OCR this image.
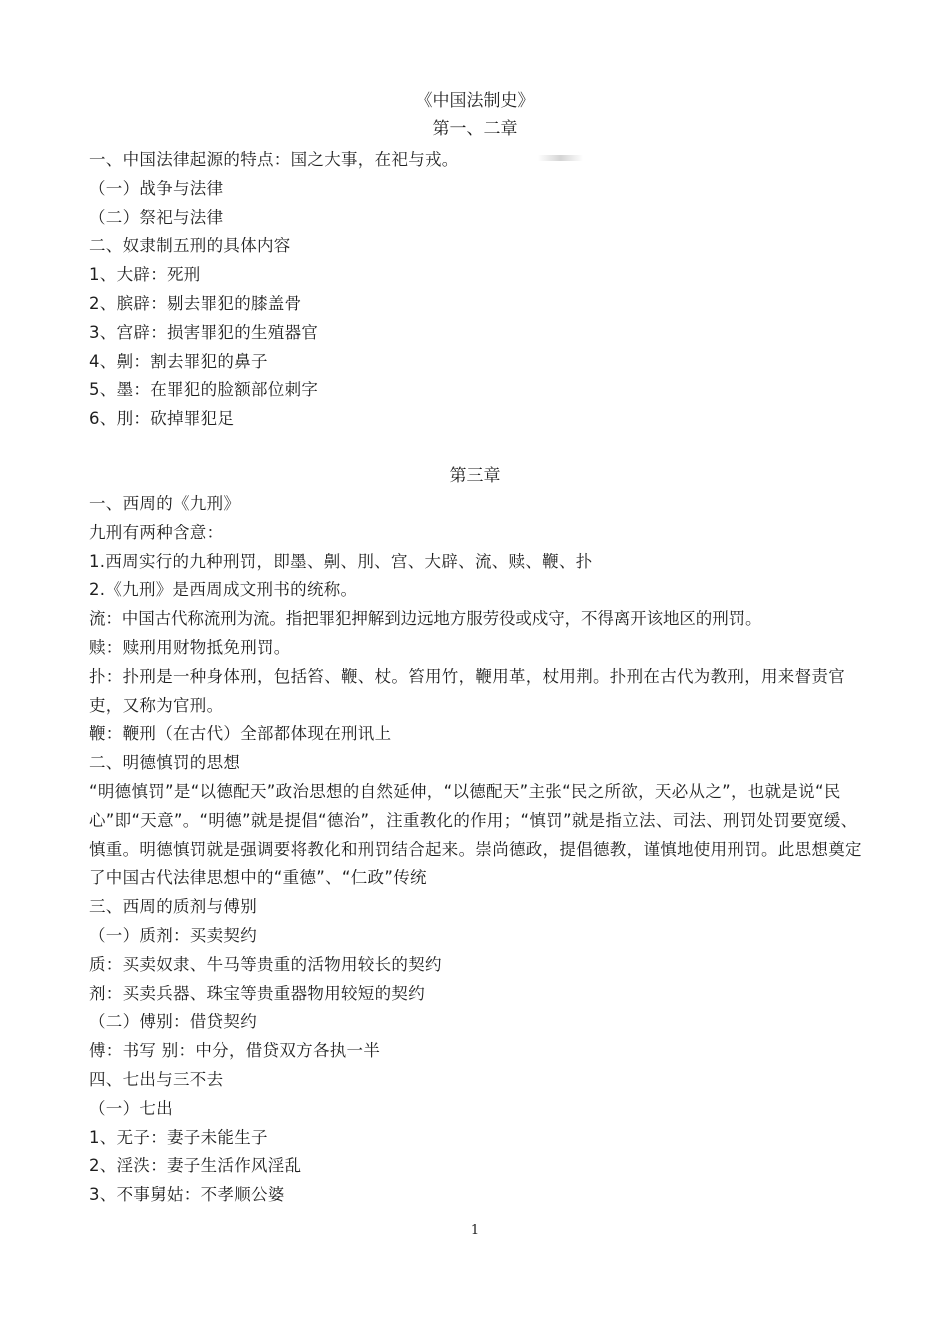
《中国法制史》
第一、二章
一、中国法律起源的特点：国之大事，在祀与戎。
（一）战争与法律
（二）祭祀与法律
二、奴隶制五刑的具体内容
1、大辟：死刑
2、膑辟：剔去罪犯的膝盖骨
3、宫辟：损害罪犯的生殖器官
4、劓：割去罪犯的鼻子
5、墨：在罪犯的脸额部位刺字
6、刖：砍掉罪犯足
第三章
一、西周的《九刑》
九刑有两种含意：
1.西周实行的九种刑罚，即墨、劓、刖、宫、大辟、流、赎、鞭、扑
2.《九刑》是西周成文刑书的统称。
流：中国古代称流刑为流。指把罪犯押解到边远地方服劳役或戍守，不得离开该地区的刑罚。
赎：赎刑用财物抵免刑罚。
扑：扑刑是一种身体刑，包括笞、鞭、杖。笞用竹，鞭用革，杖用荆。扑刑在古代为教刑，用来督责官吏，又称为官刑。
鞭：鞭刑（在古代）全部都体现在刑讯上
二、明德慎罚的思想
“明德慎罚”是“以德配天”政治思想的自然延伸，“以德配天”主张“民之所欲，天必从之”，也就是说“民心”即“天意”。“明德”就是提倡“德治”，注重教化的作用；“慎罚”就是指立法、司法、刑罚处罚要宽缓、慎重。明德慎罚就是强调要将教化和刑罚结合起来。崇尚德政，提倡德教，谨慎地使用刑罚。此思想奠定了中国古代法律思想中的“重德”、“仁政”传统
三、西周的质剂与傅别
（一）质剂：买卖契约
质：买卖奴隶、牛马等贵重的活物用较长的契约
剂：买卖兵器、珠宝等贵重器物用较短的契约
（二）傅别：借贷契约
傅：书写 别：中分，借贷双方各执一半
四、七出与三不去
（一）七出
1、无子：妻子未能生子
2、淫泆：妻子生活作风淫乱
3、不事舅姑：不孝顺公婆
1
